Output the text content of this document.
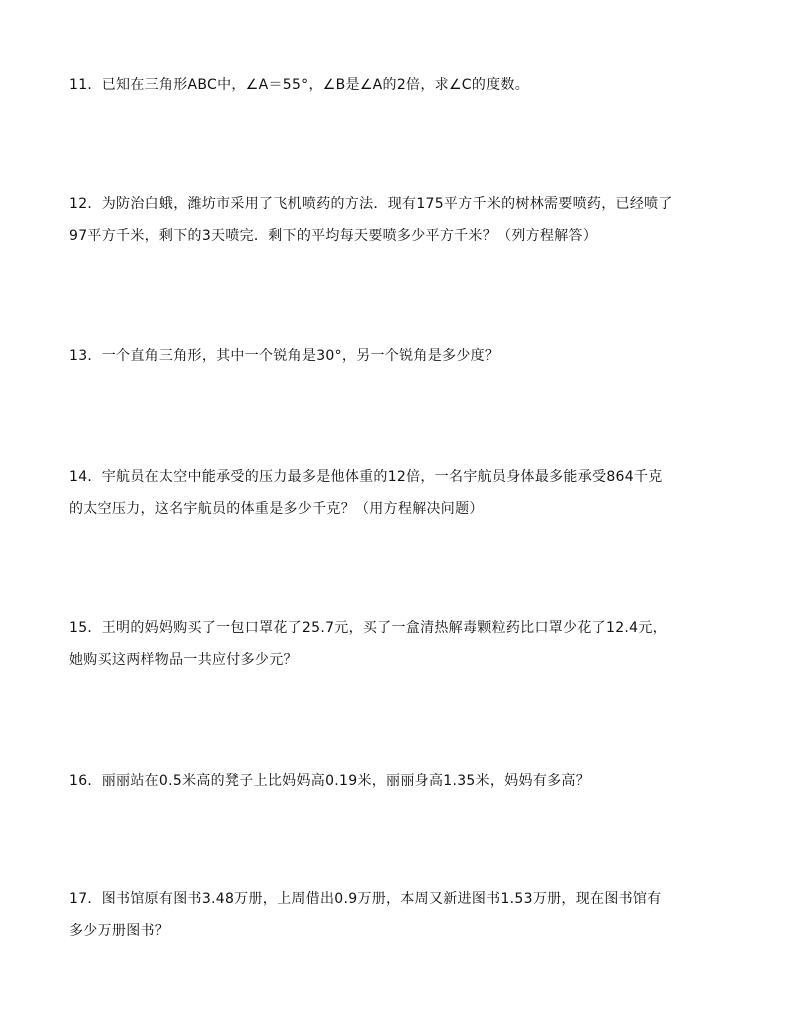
11．已知在三角形ABC中，∠A＝55°，∠B是∠A的2倍，求∠C的度数。
12．为防治白蛾，潍坊市采用了飞机喷药的方法．现有175平方千米的树林需要喷药，已经喷了
97平方千米，剩下的3天喷完．剩下的平均每天要喷多少平方千米？（列方程解答）
13．一个直角三角形，其中一个锐角是30°，另一个锐角是多少度？
14．宇航员在太空中能承受的压力最多是他体重的12倍，一名宇航员身体最多能承受864千克
的太空压力，这名宇航员的体重是多少千克？（用方程解决问题）
15．王明的妈妈购买了一包口罩花了25.7元，买了一盒清热解毒颗粒药比口罩少花了12.4元，
她购买这两样物品一共应付多少元？
16．丽丽站在0.5米高的凳子上比妈妈高0.19米，丽丽身高1.35米，妈妈有多高？
17．图书馆原有图书3.48万册，上周借出0.9万册，本周又新进图书1.53万册，现在图书馆有
多少万册图书？
